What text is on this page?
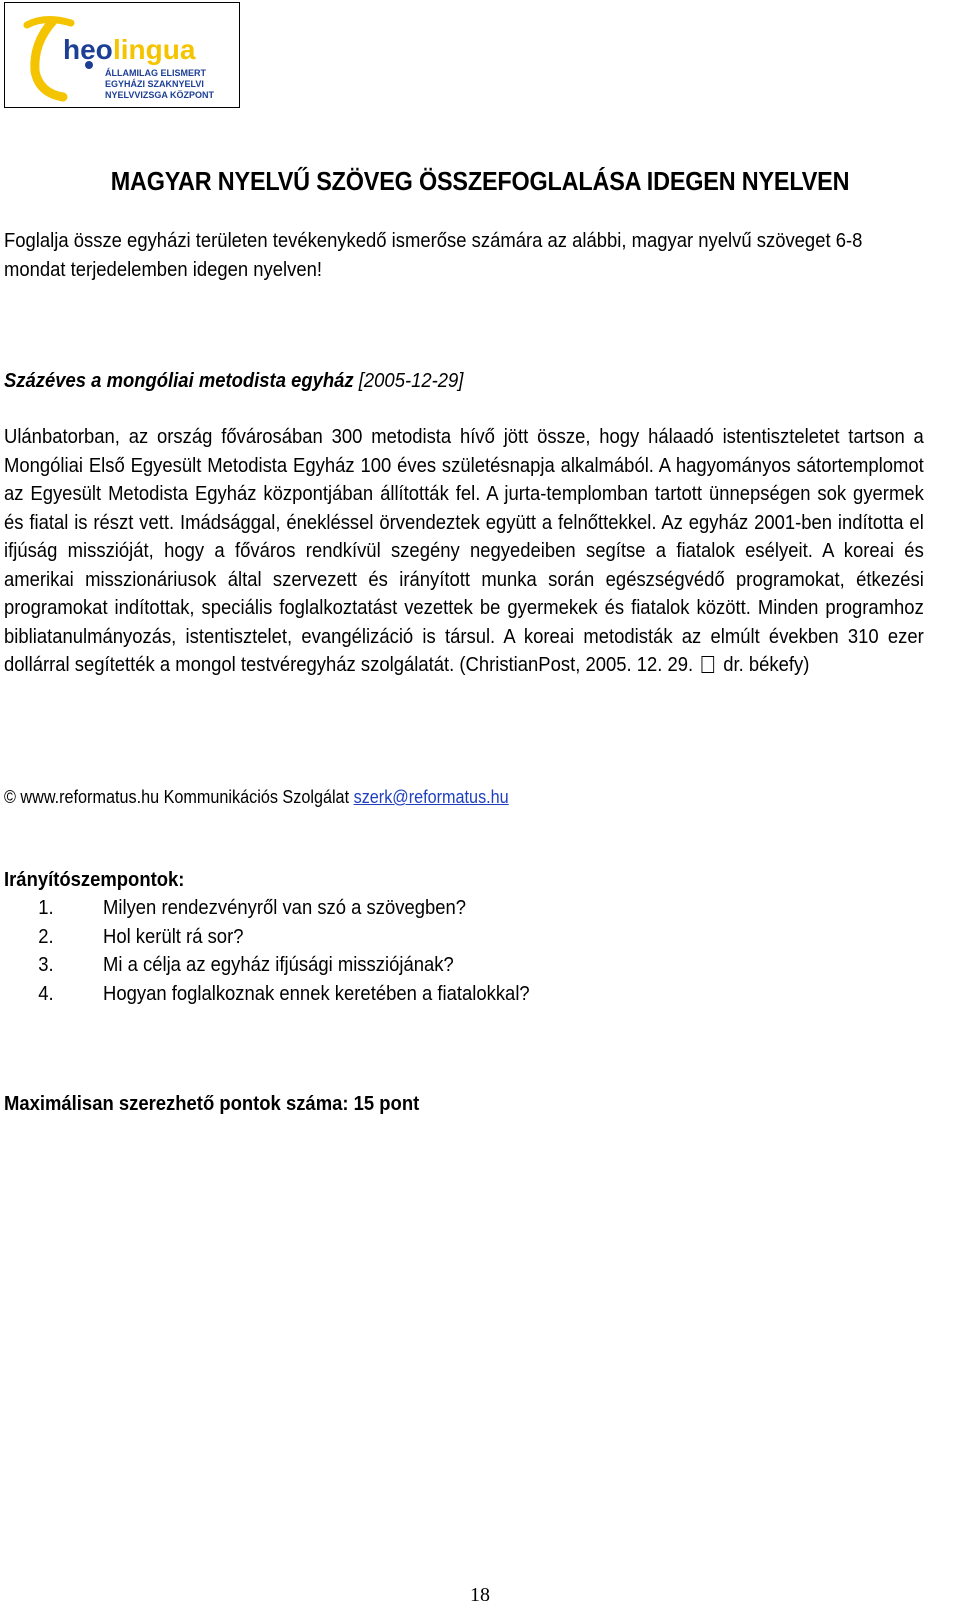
heo lingua
ÁLLAMILAG ELISMERT
EGYHÁZI SZAKNYELVI
NYELVVIZSGA KÖZPONT
MAGYAR NYELVŰ SZÖVEG ÖSSZEFOGLALÁSA IDEGEN NYELVEN
Foglalja össze egyházi területen tevékenykedő ismerőse számára az alábbi, magyar nyelvű szöveget 6-8 mondat terjedelemben idegen nyelven!
Százéves a mongóliai metodista egyház [2005-12-29]
Ulánbatorban, az ország fővárosában 300 metodista hívő jött össze, hogy hálaadó istentiszteletet tartson a Mongóliai Első Egyesült Metodista Egyház 100 éves születésnapja alkalmából. A hagyományos sátortemplomot az Egyesült Metodista Egyház központjában állították fel. A jurta-templomban tartott ünnepségen sok gyermek és fiatal is részt vett. Imádsággal, énekléssel örvendeztek együtt a felnőttekkel. Az egyház 2001-ben indította el ifjúság misszióját, hogy a főváros rendkívül szegény negyedeiben segítse a fiatalok esélyeit. A koreai és amerikai misszionáriusok által szervezett és irányított munka során egészségvédő programokat, étkezési programokat indítottak, speciális foglalkoztatást vezettek be gyermekek és fiatalok között. Minden programhoz bibliatanulmányozás, istentisztelet, evangélizáció is társul. A koreai metodisták az elmúlt években 310 ezer dollárral segítették a mongol testvéregyház szolgálatát. (ChristianPost, 2005. 12. 29. dr. békefy)
© www.reformatus.hu Kommunikációs Szolgálat szerk@reformatus.hu
Irányítószempontok:
1.	Milyen rendezvényről van szó a szövegben?
2.	Hol került rá sor?
3.	Mi a célja az egyház ifjúsági missziójának?
4.	Hogyan foglalkoznak ennek keretében a fiatalokkal?
Maximálisan szerezhető pontok száma: 15 pont
18
